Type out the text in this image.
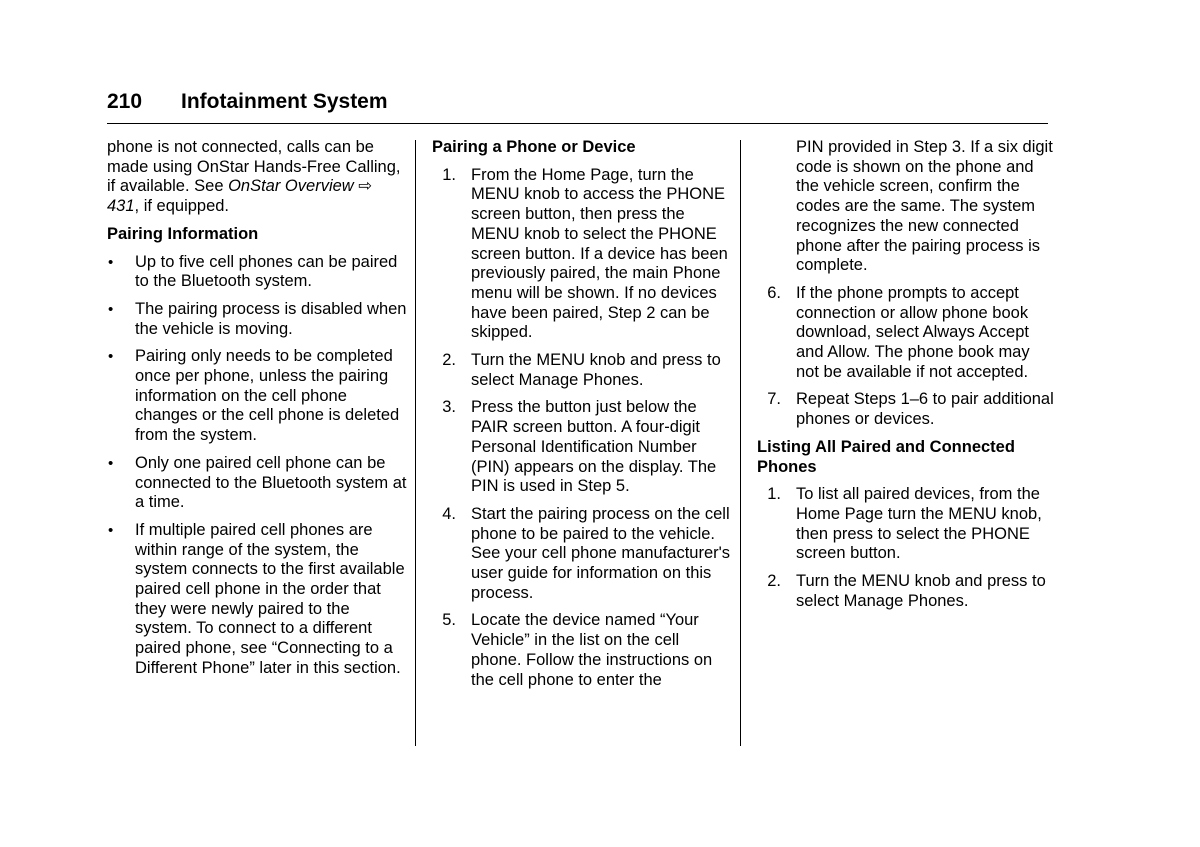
210 Infotainment System

phone is not connected, calls can be made using OnStar Hands-Free Calling, if available. See OnStar Overview ⇨ 431, if equipped.

Pairing Information

• Up to five cell phones can be paired to the Bluetooth system.
• The pairing process is disabled when the vehicle is moving.
• Pairing only needs to be completed once per phone, unless the pairing information on the cell phone changes or the cell phone is deleted from the system.
• Only one paired cell phone can be connected to the Bluetooth system at a time.
• If multiple paired cell phones are within range of the system, the system connects to the first available paired cell phone in the order that they were newly paired to the system. To connect to a different paired phone, see “Connecting to a Different Phone” later in this section.

Pairing a Phone or Device

1. From the Home Page, turn the MENU knob to access the PHONE screen button, then press the MENU knob to select the PHONE screen button. If a device has been previously paired, the main Phone menu will be shown. If no devices have been paired, Step 2 can be skipped.
2. Turn the MENU knob and press to select Manage Phones.
3. Press the button just below the PAIR screen button. A four-digit Personal Identification Number (PIN) appears on the display. The PIN is used in Step 5.
4. Start the pairing process on the cell phone to be paired to the vehicle. See your cell phone manufacturer's user guide for information on this process.
5. Locate the device named “Your Vehicle” in the list on the cell phone. Follow the instructions on the cell phone to enter the

PIN provided in Step 3. If a six digit code is shown on the phone and the vehicle screen, confirm the codes are the same. The system recognizes the new connected phone after the pairing process is complete.

6. If the phone prompts to accept connection or allow phone book download, select Always Accept and Allow. The phone book may not be available if not accepted.
7. Repeat Steps 1–6 to pair additional phones or devices.

Listing All Paired and Connected Phones

1. To list all paired devices, from the Home Page turn the MENU knob, then press to select the PHONE screen button.
2. Turn the MENU knob and press to select Manage Phones.
